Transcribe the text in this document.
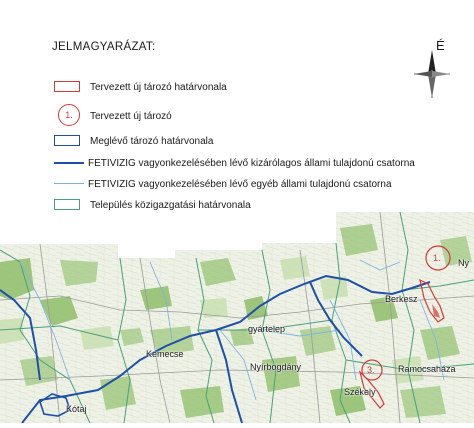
JELMAGYARÁZAT:
Tervezett új tározó határvonala
1.	Tervezett új tározó
Meglévő tározó határvonala
FETIVIZIG vagyonkezelésében lévő kizárólagos állami tulajdonú csatorna
FETIVIZIG vagyonkezelésében lévő egyéb állami tulajdonú csatorna
Település közigazgatási határvonala
É
Berkesz
gyártelep
Kemecse
Nyírbogdány
Kótaj
Székely
Ramocsaháza
Ny
1.
3.
